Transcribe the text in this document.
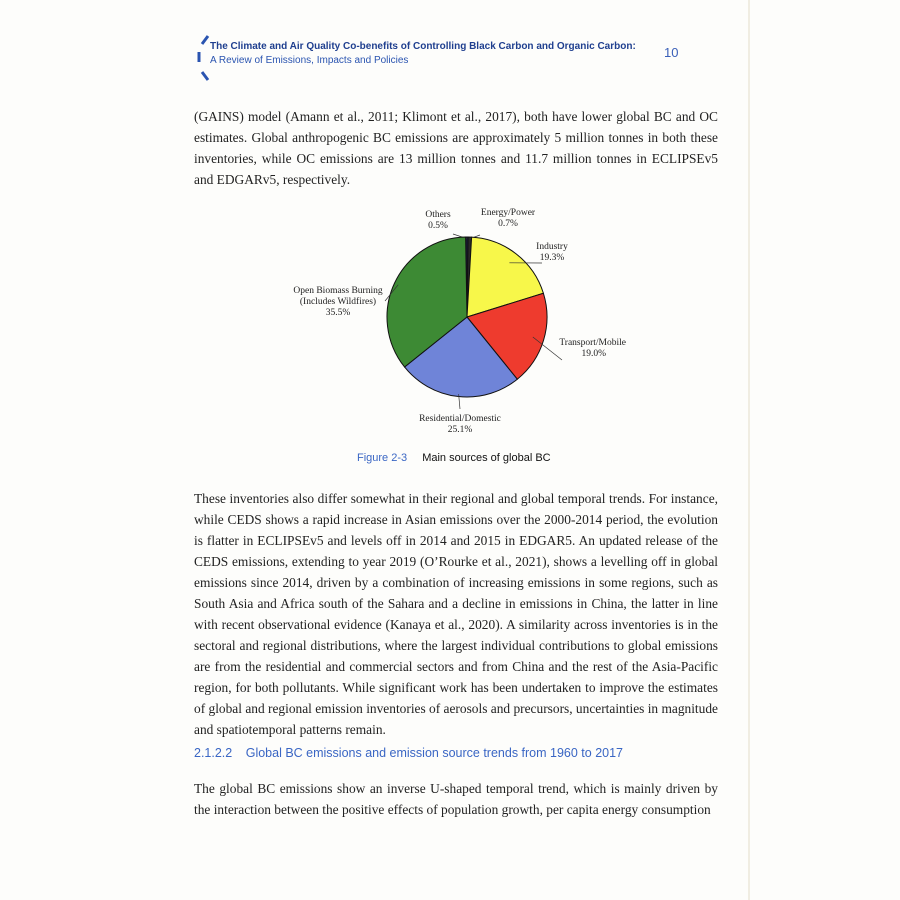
The Climate and Air Quality Co-benefits of Controlling Black Carbon and Organic Carbon:
A Review of Emissions, Impacts and Policies
10
(GAINS) model (Amann et al., 2011; Klimont et al., 2017), both have lower global BC and OC estimates. Global anthropogenic BC emissions are approximately 5 million tonnes in both these inventories, while OC emissions are 13 million tonnes and 11.7 million tonnes in ECLIPSEv5 and EDGARv5, respectively.
Others
0.5%
Energy/Power
0.7%
Industry
19.3%
Transport/Mobile
19.0%
Residential/Domestic
25.1%
Open Biomass Burning
(Includes Wildfires)
35.5%
Figure 2-3 Main sources of global BC
These inventories also differ somewhat in their regional and global temporal trends. For instance, while CEDS shows a rapid increase in Asian emissions over the 2000-2014 period, the evolution is flatter in ECLIPSEv5 and levels off in 2014 and 2015 in EDGAR5. An updated release of the CEDS emissions, extending to year 2019 (O’Rourke et al., 2021), shows a levelling off in global emissions since 2014, driven by a combination of increasing emissions in some regions, such as South Asia and Africa south of the Sahara and a decline in emissions in China, the latter in line with recent observational evidence (Kanaya et al., 2020). A similarity across inventories is in the sectoral and regional distributions, where the largest individual contributions to global emissions are from the residential and commercial sectors and from China and the rest of the Asia-Pacific region, for both pollutants. While significant work has been undertaken to improve the estimates of global and regional emission inventories of aerosols and precursors, uncertainties in magnitude and spatiotemporal patterns remain.
2.1.2.2 Global BC emissions and emission source trends from 1960 to 2017
The global BC emissions show an inverse U-shaped temporal trend, which is mainly driven by the interaction between the positive effects of population growth, per capita energy consumption
